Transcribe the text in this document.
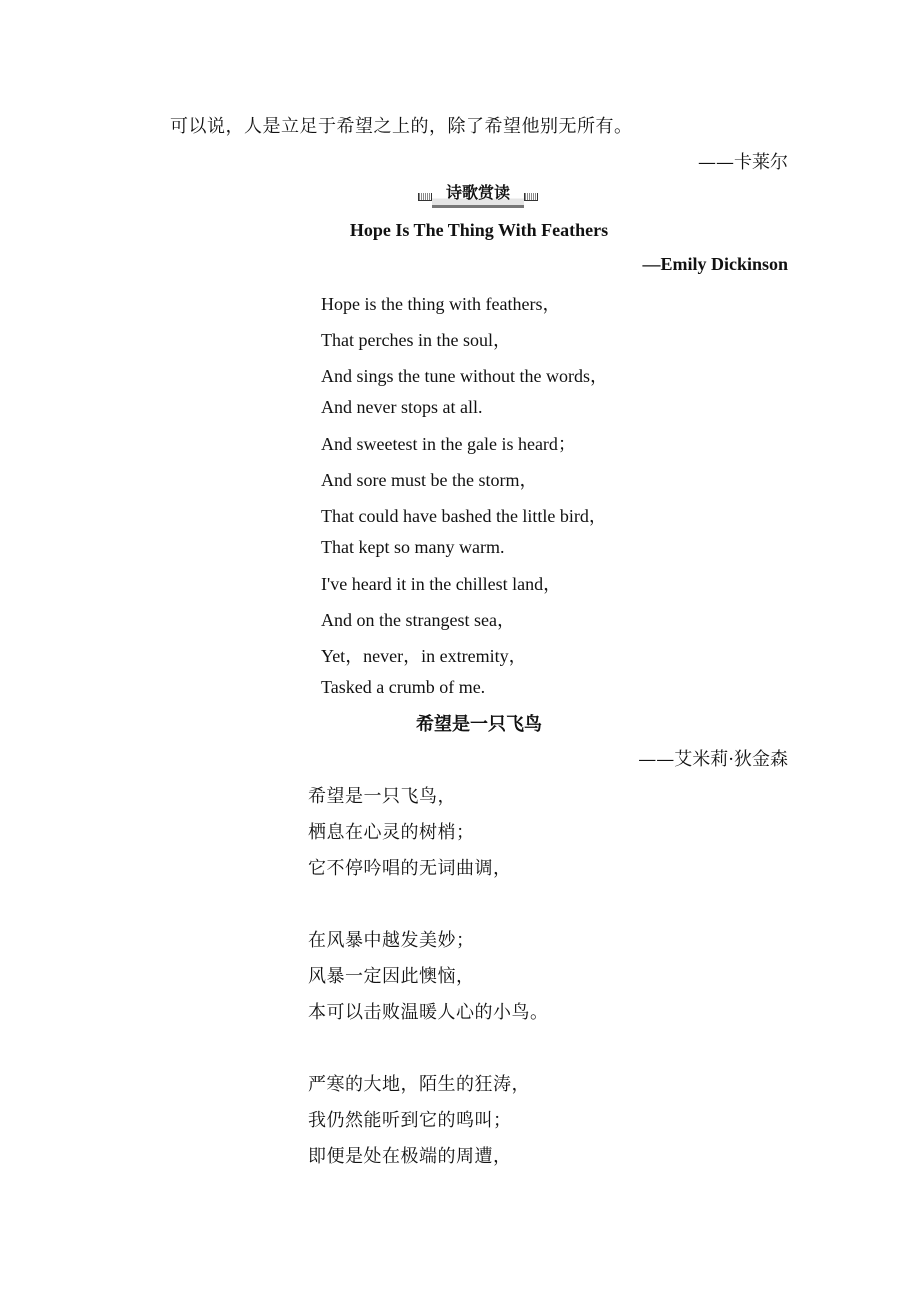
可以说，人是立足于希望之上的，除了希望他别无所有。
——卡莱尔
诗歌赏读
Hope Is The Thing With Feathers
—Emily Dickinson
Hope is the thing with feathers，
That perches in the soul，
And sings the tune without the words，
And never stops at all.
And sweetest in the gale is heard；
And sore must be the storm，
That could have bashed the little bird，
That kept so many warm.
I've heard it in the chillest land，
And on the strangest sea，
Yet，never，in extremity，
Tasked a crumb of me.
希望是一只飞鸟
——艾米莉·狄金森
希望是一只飞鸟，
栖息在心灵的树梢；
它不停吟唱的无词曲调，
在风暴中越发美妙；
风暴一定因此懊恼，
本可以击败温暖人心的小鸟。
严寒的大地，陌生的狂涛，
我仍然能听到它的鸣叫；
即便是处在极端的周遭，
